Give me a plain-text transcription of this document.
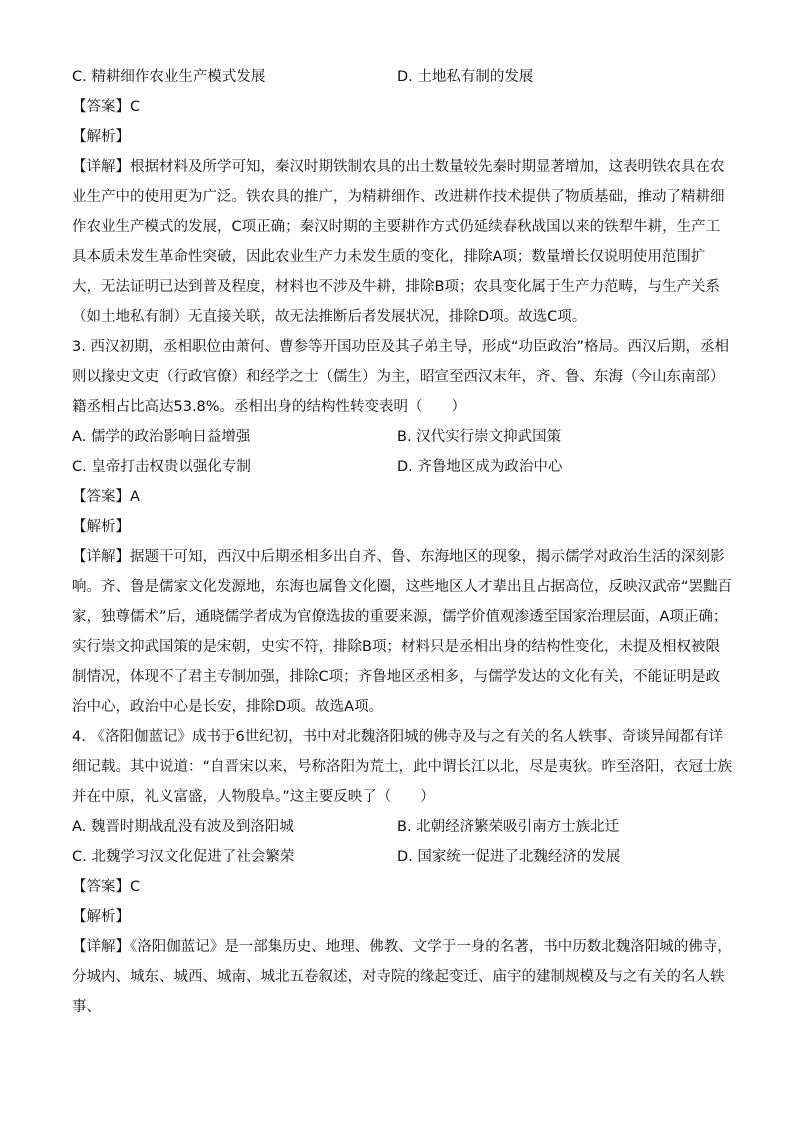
C. 精耕细作农业生产模式发展	D. 土地私有制的发展
【答案】C
【解析】
【详解】根据材料及所学可知，秦汉时期铁制农具的出土数量较先秦时期显著增加，这表明铁农具在农业生产中的使用更为广泛。铁农具的推广，为精耕细作、改进耕作技术提供了物质基础，推动了精耕细作农业生产模式的发展，C项正确；秦汉时期的主要耕作方式仍延续春秋战国以来的铁犁牛耕，生产工具本质未发生革命性突破，因此农业生产力未发生质的变化，排除A项；数量增长仅说明使用范围扩大，无法证明已达到普及程度，材料也不涉及牛耕，排除B项；农具变化属于生产力范畴，与生产关系（如土地私有制）无直接关联，故无法推断后者发展状况，排除D项。故选C项。
3. 西汉初期，丞相职位由萧何、曹参等开国功臣及其子弟主导，形成“功臣政治”格局。西汉后期，丞相则以掾史文吏（行政官僚）和经学之士（儒生）为主，昭宣至西汉末年，齐、鲁、东海（今山东南部）籍丞相占比高达53.8%。丞相出身的结构性转变表明（　　）
A. 儒学的政治影响日益增强	B. 汉代实行崇文抑武国策
C. 皇帝打击权贵以强化专制	D. 齐鲁地区成为政治中心
【答案】A
【解析】
【详解】据题干可知，西汉中后期丞相多出自齐、鲁、东海地区的现象，揭示儒学对政治生活的深刻影响。齐、鲁是儒家文化发源地，东海也属鲁文化圈，这些地区人才辈出且占据高位，反映汉武帝“罢黜百家，独尊儒术”后，通晓儒学者成为官僚选拔的重要来源，儒学价值观渗透至国家治理层面，A项正确；实行崇文抑武国策的是宋朝，史实不符，排除B项；材料只是丞相出身的结构性变化，未提及相权被限制情况，体现不了君主专制加强，排除C项；齐鲁地区丞相多，与儒学发达的文化有关，不能证明是政治中心，政治中心是长安，排除D项。故选A项。
4. 《洛阳伽蓝记》成书于6世纪初，书中对北魏洛阳城的佛寺及与之有关的名人轶事、奇谈异闻都有详细记载。其中说道：“自晋宋以来，号称洛阳为荒土，此中谓长江以北，尽是夷狄。昨至洛阳，衣冠士族并在中原，礼义富盛，人物殷阜。”这主要反映了（　　）
A. 魏晋时期战乱没有波及到洛阳城	B. 北朝经济繁荣吸引南方士族北迁
C. 北魏学习汉文化促进了社会繁荣	D. 国家统一促进了北魏经济的发展
【答案】C
【解析】
【详解】《洛阳伽蓝记》是一部集历史、地理、佛教、文学于一身的名著，书中历数北魏洛阳城的佛寺，分城内、城东、城西、城南、城北五卷叙述，对寺院的缘起变迁、庙宇的建制规模及与之有关的名人轶事、
